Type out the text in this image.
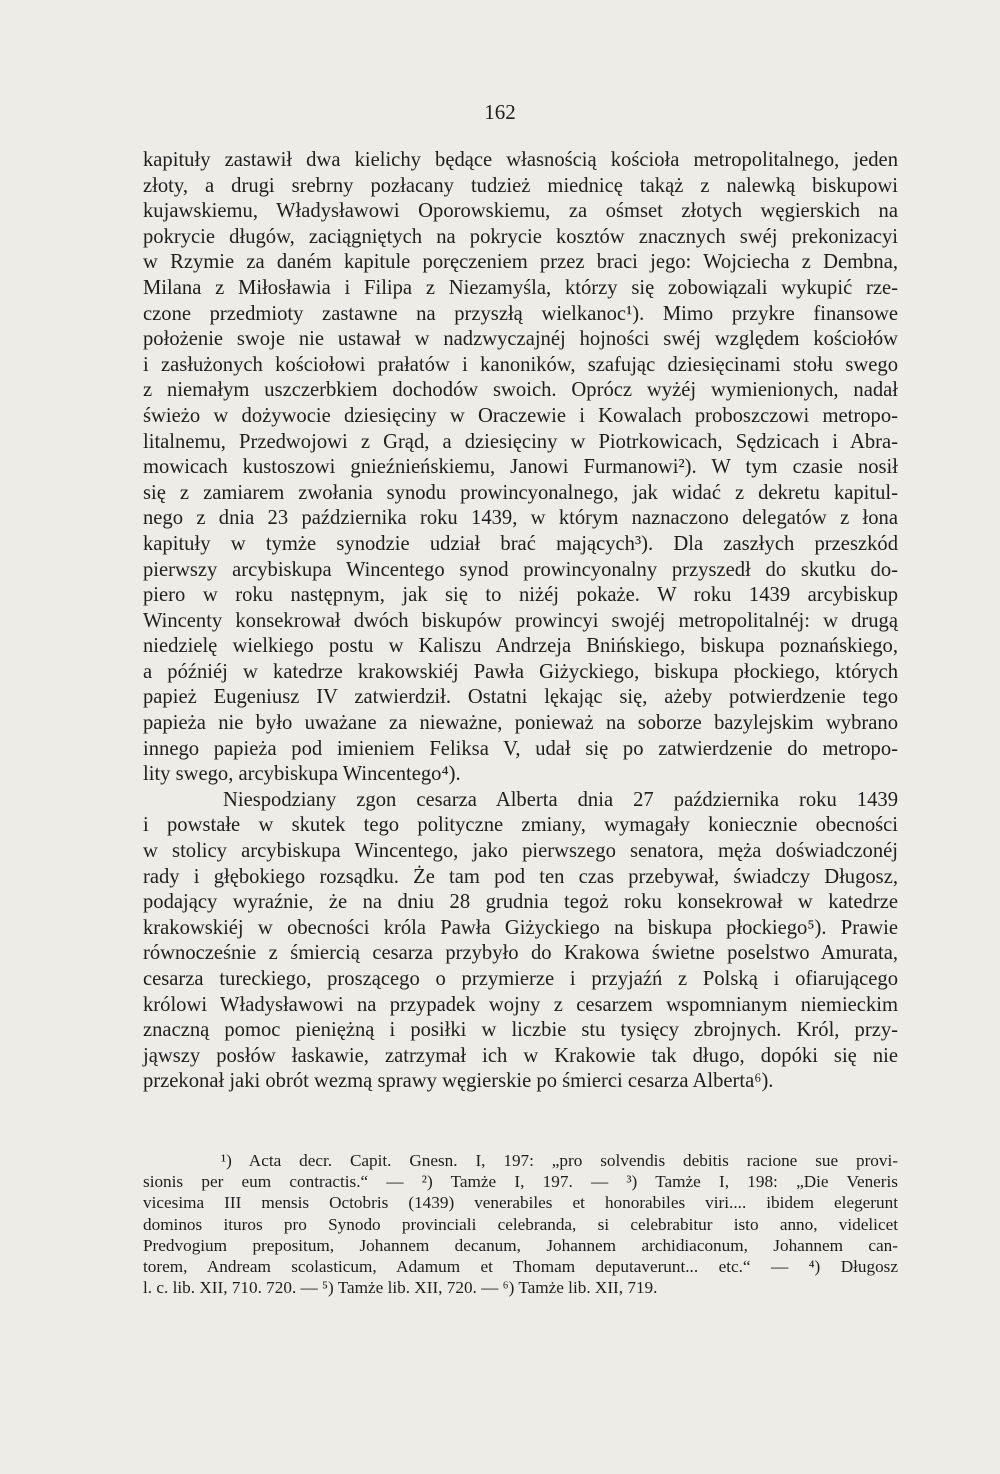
162
kapituły zastawił dwa kielichy będące własnością kościoła metropolitalnego, jeden
złoty, a drugi srebrny pozłacany tudzież miednicę takąż z nalewką biskupowi
kujawskiemu, Władysławowi Oporowskiemu, za ośmset złotych węgierskich na
pokrycie długów, zaciągniętych na pokrycie kosztów znacznych swéj prekonizacyi
w Rzymie za daném kapitule poręczeniem przez braci jego: Wojciecha z Dembna,
Milana z Miłosławia i Filipa z Niezamyśla, którzy się zobowiązali wykupić rze-
czone przedmioty zastawne na przyszłą wielkanoc¹). Mimo przykre finansowe
położenie swoje nie ustawał w nadzwyczajnéj hojności swéj względem kościołów
i zasłużonych kościołowi prałatów i kanoników, szafując dziesięcinami stołu swego
z niemałym uszczerbkiem dochodów swoich. Oprócz wyżéj wymienionych, nadał
świeżo w dożywocie dziesięciny w Oraczewie i Kowalach proboszczowi metropo-
litalnemu, Przedwojowi z Grąd, a dziesięciny w Piotrkowicach, Sędzicach i Abra-
mowicach kustoszowi gnieźnieńskiemu, Janowi Furmanowi²). W tym czasie nosił
się z zamiarem zwołania synodu prowincyonalnego, jak widać z dekretu kapitul-
nego z dnia 23 października roku 1439, w którym naznaczono delegatów z łona
kapituły w tymże synodzie udział brać mających³). Dla zaszłych przeszkód
pierwszy arcybiskupa Wincentego synod prowincyonalny przyszedł do skutku do-
piero w roku następnym, jak się to niżéj pokaże. W roku 1439 arcybiskup
Wincenty konsekrował dwóch biskupów prowincyi swojéj metropolitalnéj: w drugą
niedzielę wielkiego postu w Kaliszu Andrzeja Bnińskiego, biskupa poznańskiego,
a późniéj w katedrze krakowskiéj Pawła Giżyckiego, biskupa płockiego, których
papież Eugeniusz IV zatwierdził. Ostatni lękając się, ażeby potwierdzenie tego
papieża nie było uważane za nieważne, ponieważ na soborze bazylejskim wybrano
innego papieża pod imieniem Feliksa V, udał się po zatwierdzenie do metropo-
lity swego, arcybiskupa Wincentego⁴).
Niespodziany zgon cesarza Alberta dnia 27 października roku 1439
i powstałe w skutek tego polityczne zmiany, wymagały koniecznie obecności
w stolicy arcybiskupa Wincentego, jako pierwszego senatora, męża doświadczonéj
rady i głębokiego rozsądku. Że tam pod ten czas przebywał, świadczy Długosz,
podający wyraźnie, że na dniu 28 grudnia tegoż roku konsekrował w katedrze
krakowskiéj w obecności króla Pawła Giżyckiego na biskupa płockiego⁵). Prawie
równocześnie z śmiercią cesarza przybyło do Krakowa świetne poselstwo Amurata,
cesarza tureckiego, proszącego o przymierze i przyjaźń z Polską i ofiarującego
królowi Władysławowi na przypadek wojny z cesarzem wspomnianym niemieckim
znaczną pomoc pieniężną i posiłki w liczbie stu tysięcy zbrojnych. Król, przy-
jąwszy posłów łaskawie, zatrzymał ich w Krakowie tak długo, dopóki się nie
przekonał jaki obrót wezmą sprawy węgierskie po śmierci cesarza Alberta⁶).
¹) Acta decr. Capit. Gnesn. I, 197: „pro solvendis debitis racione sue provi-
sionis per eum contractis.“ — ²) Tamże I, 197. — ³) Tamże I, 198: „Die Veneris
vicesima III mensis Octobris (1439) venerabiles et honorabiles viri.... ibidem elegerunt
dominos ituros pro Synodo provinciali celebranda, si celebrabitur isto anno, videlicet
Predvogium prepositum, Johannem decanum, Johannem archidiaconum, Johannem can-
torem, Andream scolasticum, Adamum et Thomam deputaverunt... etc.“ — ⁴) Długosz
l. c. lib. XII, 710. 720. — ⁵) Tamże lib. XII, 720. — ⁶) Tamże lib. XII, 719.
